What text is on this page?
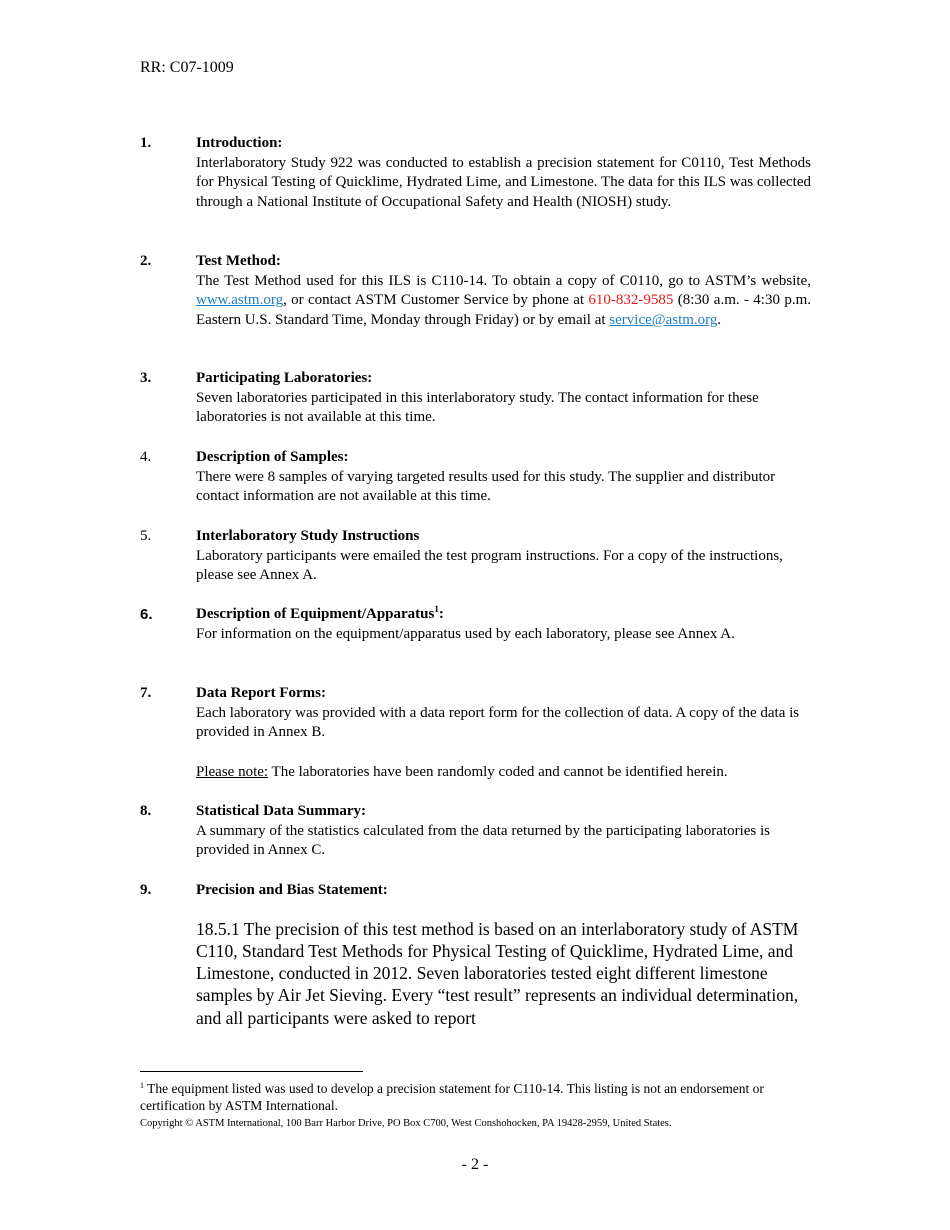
RR: C07-1009
1.	Introduction:
Interlaboratory Study 922 was conducted to establish a precision statement for C0110, Test Methods for Physical Testing of Quicklime, Hydrated Lime, and Limestone. The data for this ILS was collected through a National Institute of Occupational Safety and Health (NIOSH) study.
2.	Test Method:
The Test Method used for this ILS is C110-14. To obtain a copy of C0110, go to ASTM’s website, www.astm.org, or contact ASTM Customer Service by phone at 610-832-9585 (8:30 a.m. - 4:30 p.m. Eastern U.S. Standard Time, Monday through Friday) or by email at service@astm.org.
3.	Participating Laboratories:
Seven laboratories participated in this interlaboratory study. The contact information for these laboratories is not available at this time.
4.	Description of Samples:
There were 8 samples of varying targeted results used for this study. The supplier and distributor contact information are not available at this time.
5.	Interlaboratory Study Instructions
Laboratory participants were emailed the test program instructions. For a copy of the instructions, please see Annex A.
6.	Description of Equipment/Apparatus$^1$:
For information on the equipment/apparatus used by each laboratory, please see Annex A.
7.	Data Report Forms:
Each laboratory was provided with a data report form for the collection of data. A copy of the data is provided in Annex B.
Please note: The laboratories have been randomly coded and cannot be identified herein.
8.	Statistical Data Summary:
A summary of the statistics calculated from the data returned by the participating laboratories is provided in Annex C.
9.	Precision and Bias Statement:
18.5.1 The precision of this test method is based on an interlaboratory study of ASTM C110, Standard Test Methods for Physical Testing of Quicklime, Hydrated Lime, and Limestone, conducted in 2012. Seven laboratories tested eight different limestone samples by Air Jet Sieving. Every “test result” represents an individual determination, and all participants were asked to report
$^1$ The equipment listed was used to develop a precision statement for C110-14. This listing is not an endorsement or certification by ASTM International.
Copyright © ASTM International, 100 Barr Harbor Drive, PO Box C700, West Conshohocken, PA 19428-2959, United States.
- 2 -
